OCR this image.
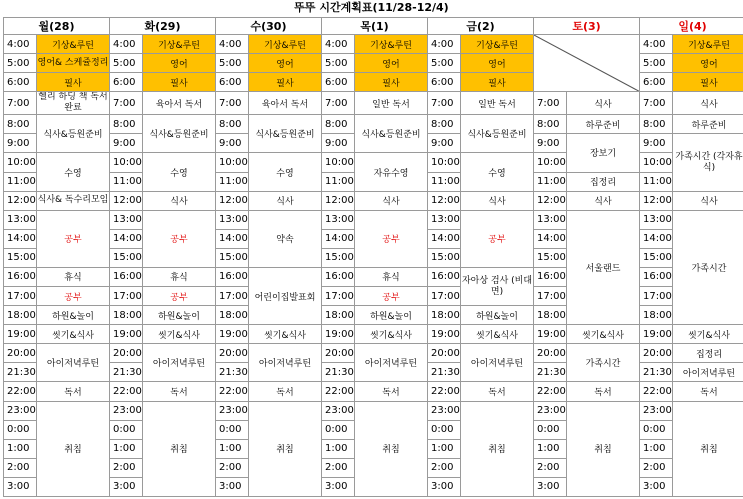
뚜뚜 시간계획표(11/28-12/4)
월(28)		화(29)		수(30)		목(1)		금(2)		토(3)		일(4)	
4:00	기상&루틴	4:00	기상&루틴	4:00	기상&루틴	4:00	기상&루틴	4:00	기상&루틴			4:00	기상&루틴
5:00	영어& 스케쥴정리	5:00	영어	5:00	영어	5:00	영어	5:00	영어			5:00	영어
6:00	필사	6:00	필사	6:00	필사	6:00	필사	6:00	필사			6:00	필사
7:00	헬리 하딩 책 독서 완료	7:00	육아서 독서	7:00	육아서 독서	7:00	일반 독서	7:00	일반 독서	7:00	식사	7:00	식사
8:00	식사&등원준비	8:00	식사&등원준비	8:00	식사&등원준비	8:00	식사&등원준비	8:00	식사&등원준비	8:00	하루준비	8:00	하루준비
9:00		9:00		9:00		9:00		9:00		9:00	장보기	9:00	가족시간 (각자휴식)
10:00	수영	10:00	수영	10:00	수영	10:00	자유수영	10:00	수영	10:00		10:00	
11:00		11:00		11:00		11:00		11:00		11:00	집정리	11:00	
12:00	식사& 독수리모임	12:00	식사	12:00	식사	12:00	식사	12:00	식사	12:00	식사	12:00	식사
13:00	공부	13:00	공부	13:00	약속	13:00	공부	13:00	공부	13:00	서울랜드	13:00	가족시간
14:00		14:00		14:00		14:00		14:00		14:00		14:00	
15:00		15:00		15:00		15:00		15:00		15:00		15:00	
16:00	휴식	16:00	휴식	16:00	어린이집발표회	16:00	휴식	16:00	자아상 검사 (비대면)	16:00		16:00	
17:00	공부	17:00	공부	17:00		17:00	공부	17:00		17:00		17:00	
18:00	하원&놀이	18:00	하원&놀이	18:00		18:00	하원&놀이	18:00	하원&놀이	18:00		18:00	
19:00	씻기&식사	19:00	씻기&식사	19:00	씻기&식사	19:00	씻기&식사	19:00	씻기&식사	19:00	씻기&식사	19:00	씻기&식사
20:00	아이저녁루틴	20:00	아이저녁루틴	20:00	아이저녁루틴	20:00	아이저녁루틴	20:00	아이저녁루틴	20:00	가족시간	20:00	집정리
21:30		21:30		21:30		21:30		21:30		21:30		21:30	아이저녁루틴
22:00	독서	22:00	독서	22:00	독서	22:00	독서	22:00	독서	22:00	독서	22:00	독서
23:00	취침	23:00	취침	23:00	취침	23:00	취침	23:00	취침	23:00	취침	23:00	취침
0:00		0:00		0:00		0:00		0:00		0:00		0:00	
1:00		1:00		1:00		1:00		1:00		1:00		1:00	
2:00		2:00		2:00		2:00		2:00		2:00		2:00	
3:00		3:00		3:00		3:00		3:00		3:00		3:00	
